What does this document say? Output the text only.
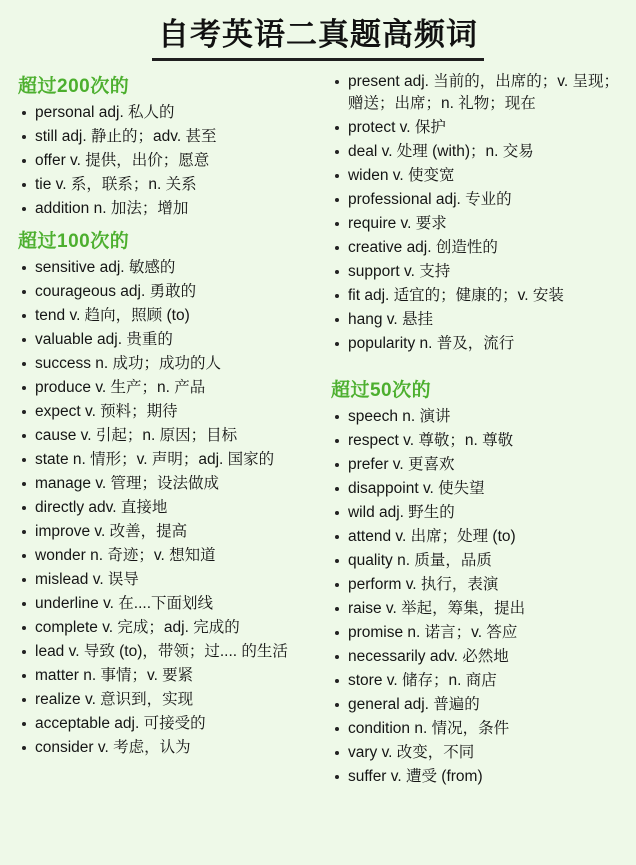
自考英语二真题高频词
超过200次的
personal adj. 私人的
still adj. 静止的；adv. 甚至
offer v. 提供，出价；愿意
tie v. 系，联系；n. 关系
addition n. 加法；增加
超过100次的
sensitive adj. 敏感的
courageous adj. 勇敢的
tend v. 趋向，照顾 (to)
valuable adj. 贵重的
success n. 成功；成功的人
produce v. 生产；n. 产品
expect v. 预料；期待
cause v. 引起；n. 原因；目标
state n. 情形；v. 声明；adj. 国家的
manage v. 管理；设法做成
directly adv. 直接地
improve v. 改善，提高
wonder n. 奇迹；v. 想知道
mislead v. 误导
underline v. 在....下面划线
complete v. 完成；adj. 完成的
lead v. 导致 (to)，带领；过.... 的生活
matter n. 事情；v. 要紧
realize v. 意识到，实现
acceptable adj. 可接受的
consider v. 考虑，认为
present adj. 当前的，出席的；v. 呈现；赠送；出席；n. 礼物；现在
protect v. 保护
deal v. 处理 (with)；n. 交易
widen v. 使变宽
professional adj. 专业的
require v. 要求
creative adj. 创造性的
support v. 支持
fit adj. 适宜的；健康的；v. 安装
hang v. 悬挂
popularity n. 普及，流行
超过50次的
speech n. 演讲
respect v. 尊敬；n. 尊敬
prefer v. 更喜欢
disappoint v. 使失望
wild adj. 野生的
attend v. 出席；处理 (to)
quality n. 质量，品质
perform v. 执行，表演
raise v. 举起，筹集，提出
promise n. 诺言；v. 答应
necessarily adv. 必然地
store v. 储存；n. 商店
general adj. 普遍的
condition n. 情况，条件
vary v. 改变，不同
suffer v. 遭受 (from)
